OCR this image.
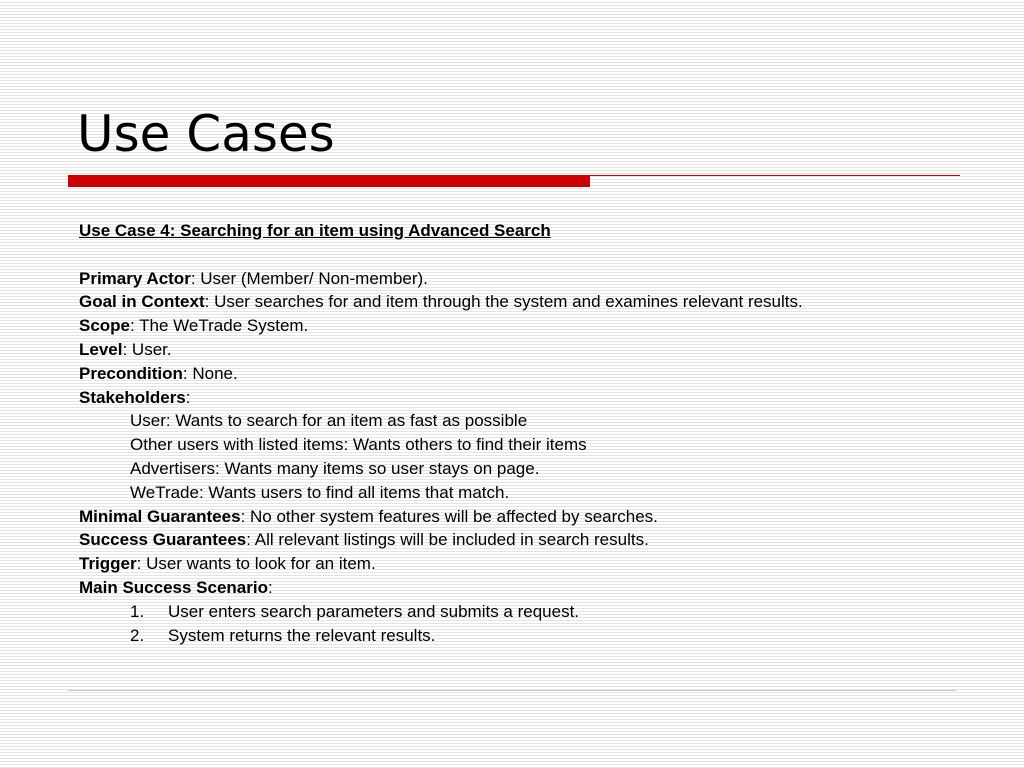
Use Cases
Use Case 4: Searching for an item using Advanced Search
Primary Actor: User (Member/ Non-member).
Goal in Context: User searches for and item through the system and examines relevant results.
Scope: The WeTrade System.
Level: User.
Precondition: None.
Stakeholders:
User: Wants to search for an item as fast as possible
Other users with listed items: Wants others to find their items
Advertisers: Wants many items so user stays on page.
WeTrade: Wants users to find all items that match.
Minimal Guarantees: No other system features will be affected by searches.
Success Guarantees: All relevant listings will be included in search results.
Trigger: User wants to look for an item.
Main Success Scenario:
1.	User enters search parameters and submits a request.
2.	System returns the relevant results.
